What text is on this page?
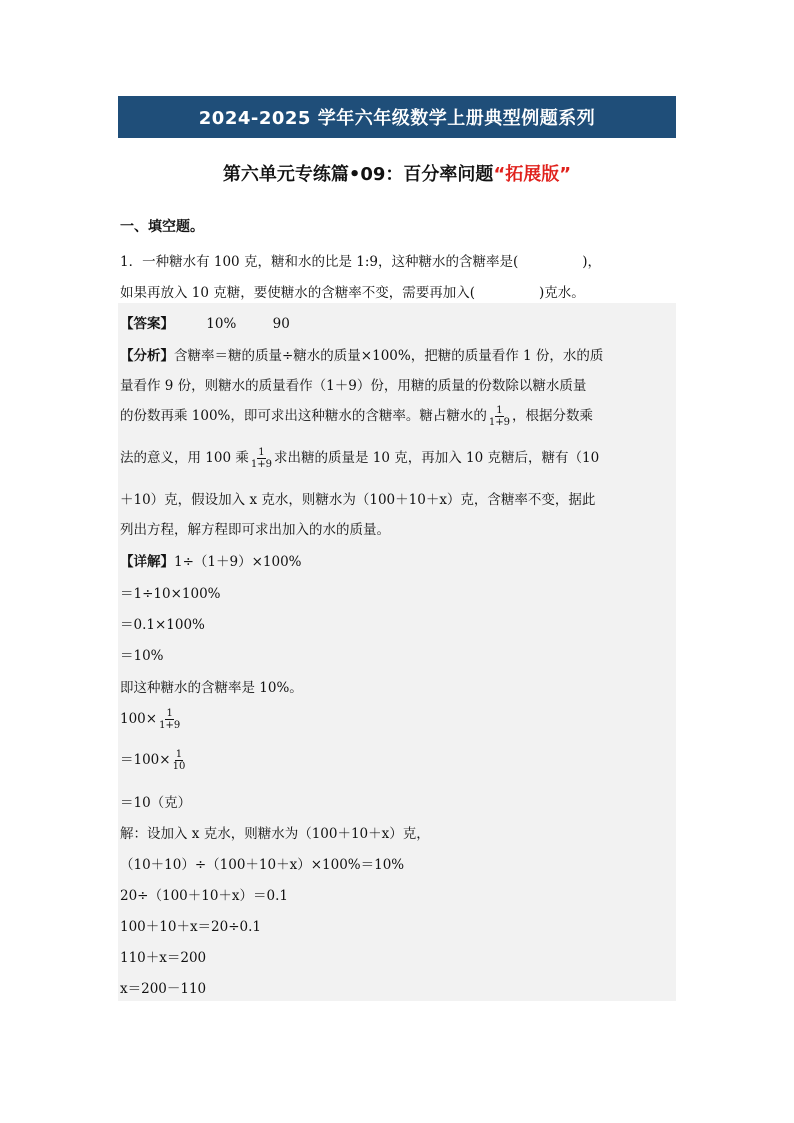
2024-2025 学年六年级数学上册典型例题系列
第六单元专练篇•09：百分率问题“拓展版”
一、填空题。
1．一种糖水有 100 克，糖和水的比是 1:9，这种糖水的含糖率是(	)，
如果再放入 10 克糖，要使糖水的含糖率不变，需要再加入(	)克水。
【答案】 10%	90
【分析】含糖率＝糖的质量÷糖水的质量×100%，把糖的质量看作 1 份，水的质
量看作 9 份，则糖水的质量看作（1＋9）份，用糖的质量的份数除以糖水质量
的份数再乘 100%，即可求出这种糖水的含糖率。糖占糖水的 $\frac{1}{1+9}$ ，根据分数乘
法的意义，用 100 乘 $\frac{1}{1+9}$ 求出糖的质量是 10 克，再加入 10 克糖后，糖有（10
＋10）克，假设加入 x 克水，则糖水为（100＋10＋x）克，含糖率不变，据此
列出方程，解方程即可求出加入的水的质量。
【详解】1÷（1＋9）×100%
＝1÷10×100%
＝0.1×100%
＝10%
即这种糖水的含糖率是 10%。
$100\times \frac{1}{1+9}$
$=100\times \frac{1}{10}$
＝10（克）
解：设加入 x 克水，则糖水为（100＋10＋x）克，
（10＋10）÷（100＋10＋x）×100%＝10%
20÷（100＋10＋x）＝0.1
100＋10＋x＝20÷0.1
110＋x＝200
x＝200－110
